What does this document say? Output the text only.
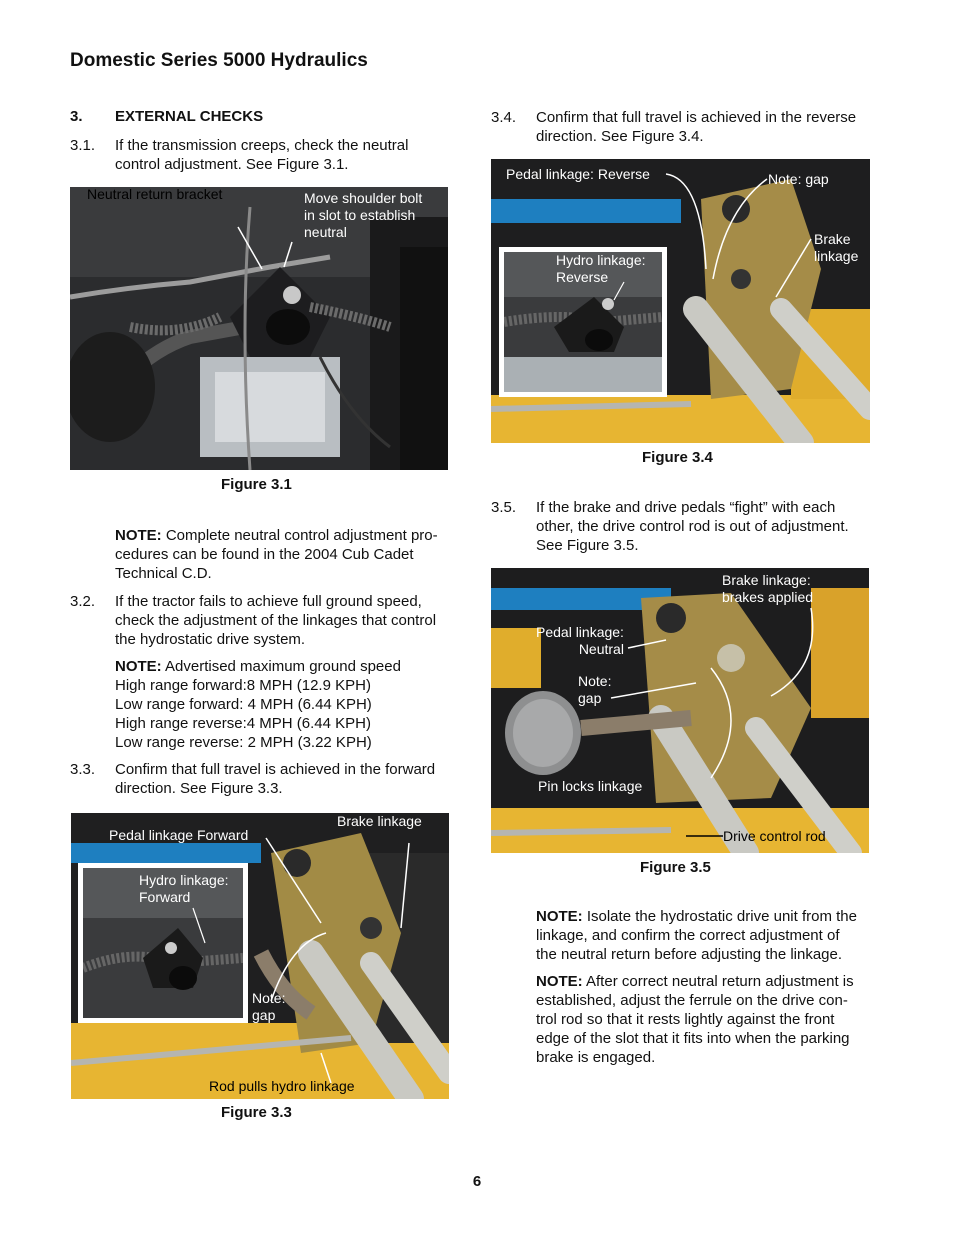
Domestic Series 5000 Hydraulics
3. EXTERNAL CHECKS
3.1. If the transmission creeps, check the neutral
control adjustment. See Figure 3.1.
Neutral return bracket	Move shoulder bolt
in slot to establish
neutral
Figure 3.1
NOTE: Complete neutral control adjustment pro-
cedures can be found in the 2004 Cub Cadet
Technical C.D.
3.2. If the tractor fails to achieve full ground speed,
check the adjustment of the linkages that control
the hydrostatic drive system.
NOTE: Advertised maximum ground speed
High range forward:8 MPH (12.9 KPH)
Low range forward: 4 MPH (6.44 KPH)
High range reverse:4 MPH (6.44 KPH)
Low range reverse: 2 MPH (3.22 KPH)
3.3. Confirm that full travel is achieved in the forward
direction. See Figure 3.3.
Hydro linkage:
Forward
Pedal linkage Forward
Brake linkage
Note:
gap
Rod pulls hydro linkage
Figure 3.3
3.4. Confirm that full travel is achieved in the reverse
direction. See Figure 3.4.
Hydro linkage:
Reverse
Pedal linkage: Reverse	Note: gap
Brake
linkage
Figure 3.4
3.5. If the brake and drive pedals “fight” with each
other, the drive control rod is out of adjustment.
See Figure 3.5.
Brake linkage:
brakes applied
Pedal linkage:
Neutral
Note:
gap
Pin locks linkage
Drive control rod
Figure 3.5
NOTE: Isolate the hydrostatic drive unit from the
linkage, and confirm the correct adjustment of
the neutral return before adjusting the linkage.
NOTE: After correct neutral return adjustment is
established, adjust the ferrule on the drive con-
trol rod so that it rests lightly against the front
edge of the slot that it fits into when the parking
brake is engaged.
6
